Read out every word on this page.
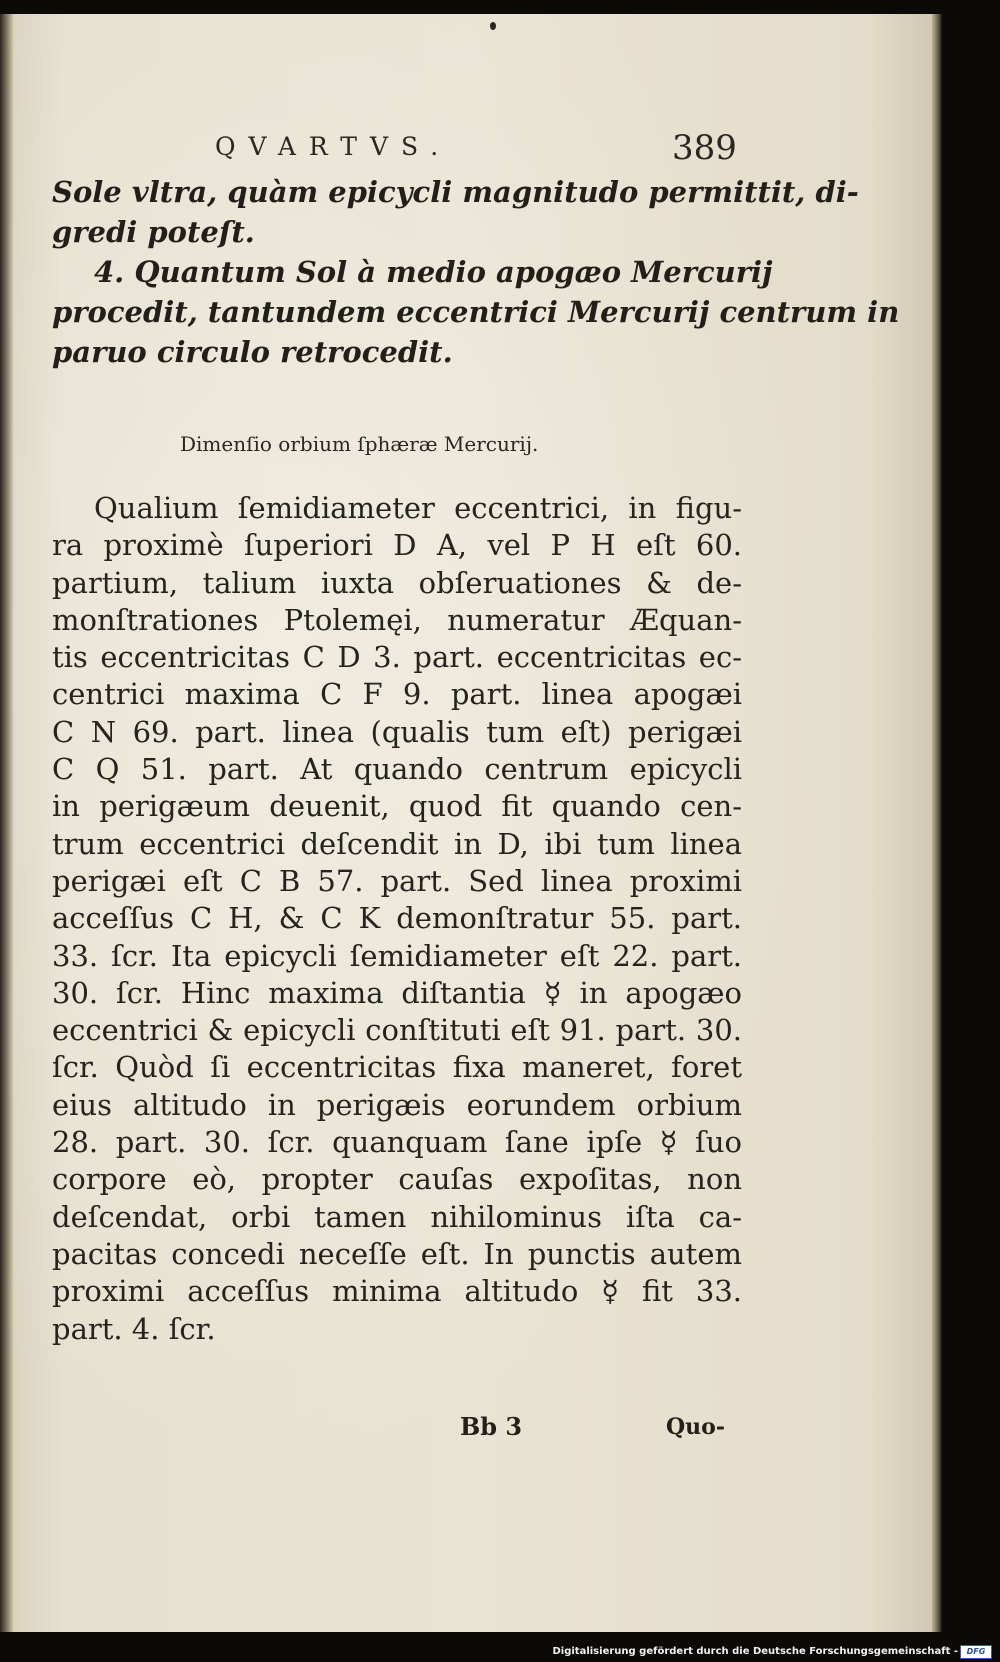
QVARTVS.	389
Sole vltra, quàm epicycli magnitudo permittit, di-
gredi poteſt.
4. Quantum Sol à medio apogæo Mercurij
procedit, tantundem eccentrici Mercurij centrum in
paruo circulo retrocedit.
Dimenſio orbium ſphæræ Mercurij.
Qualium ſemidiameter eccentrici, in figu-
ra proximè ſuperiori D A, vel P H eſt 60.
partium, talium iuxta obſeruationes & de-
monſtrationes Ptolemęi, numeratur Æquan-
tis eccentricitas C D 3. part. eccentricitas ec-
centrici maxima C F 9. part. linea apogæi
C N 69. part. linea (qualis tum eſt) perigæi
C Q 51. part. At quando centrum epicycli
in perigæum deuenit, quod fit quando cen-
trum eccentrici deſcendit in D, ibi tum linea
perigæi eſt C B 57. part. Sed linea proximi
acceſſus C H, & C K demonſtratur 55. part.
33. ſcr. Ita epicycli ſemidiameter eſt 22. part.
30. ſcr. Hinc maxima diſtantia ☿ in apogæo
eccentrici & epicycli conſtituti eſt 91. part. 30.
ſcr. Quòd ſi eccentricitas fixa maneret, foret
eius altitudo in perigæis eorundem orbium
28. part. 30. ſcr. quanquam ſane ipſe ☿ ſuo
corpore eò, propter cauſas expoſitas, non
deſcendat, orbi tamen nihilominus iſta ca-
pacitas concedi neceſſe eſt. In punctis autem
proximi acceſſus minima altitudo ☿ fit 33.
part. 4. ſcr.
Bb 3	Quo-
Digitalisierung gefördert durch die Deutsche Forschungsgemeinschaft -	DFG
